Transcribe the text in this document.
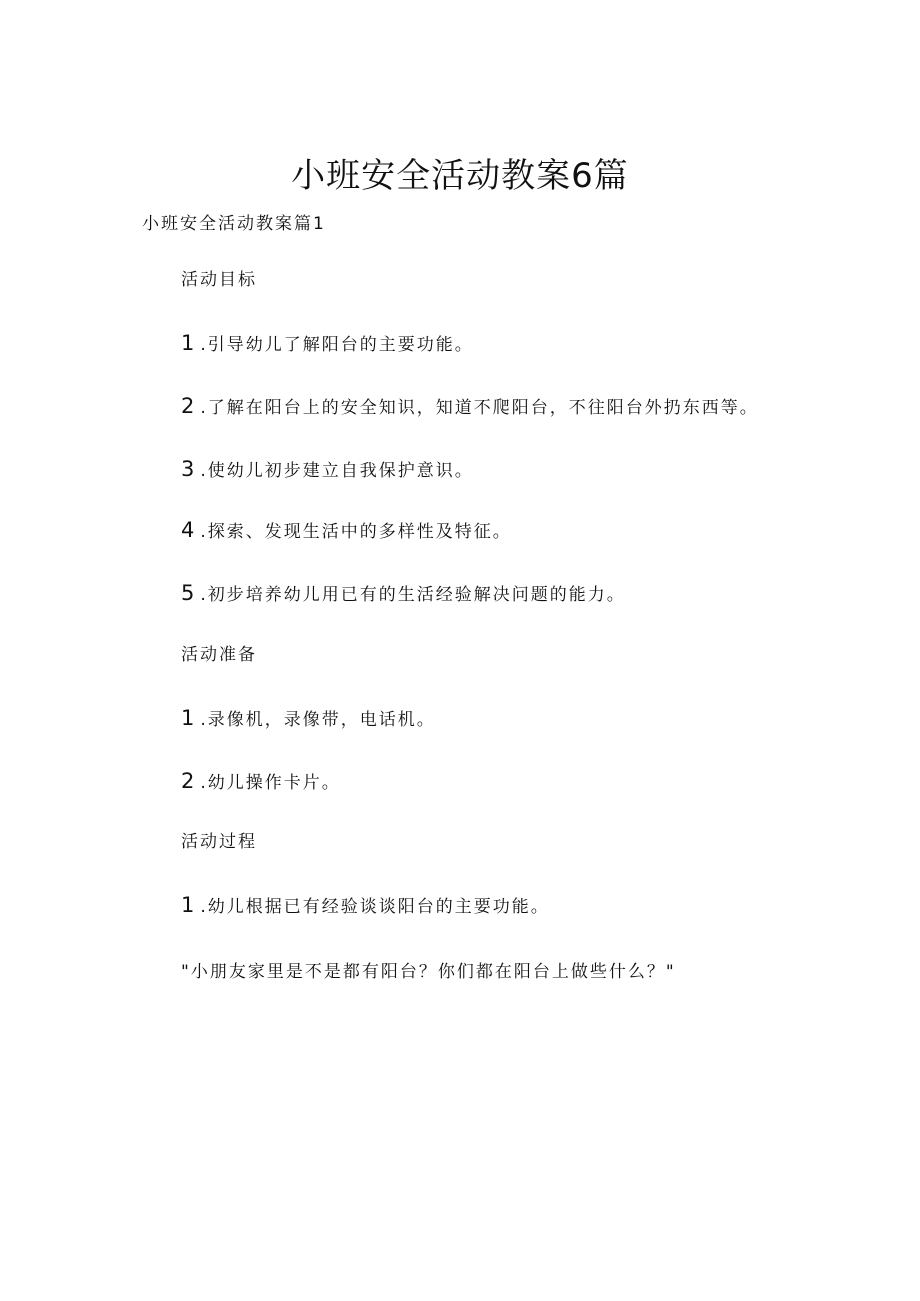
小班安全活动教案6篇

小班安全活动教案篇1

活动目标

1 .引导幼儿了解阳台的主要功能。

2 .了解在阳台上的安全知识，知道不爬阳台，不往阳台外扔东西等。

3 .使幼儿初步建立自我保护意识。

4 .探索、发现生活中的多样性及特征。

5 .初步培养幼儿用已有的生活经验解决问题的能力。

活动准备

1 .录像机，录像带，电话机。

2 .幼儿操作卡片。

活动过程

1 .幼儿根据已有经验谈谈阳台的主要功能。

"小朋友家里是不是都有阳台？你们都在阳台上做些什么？"
